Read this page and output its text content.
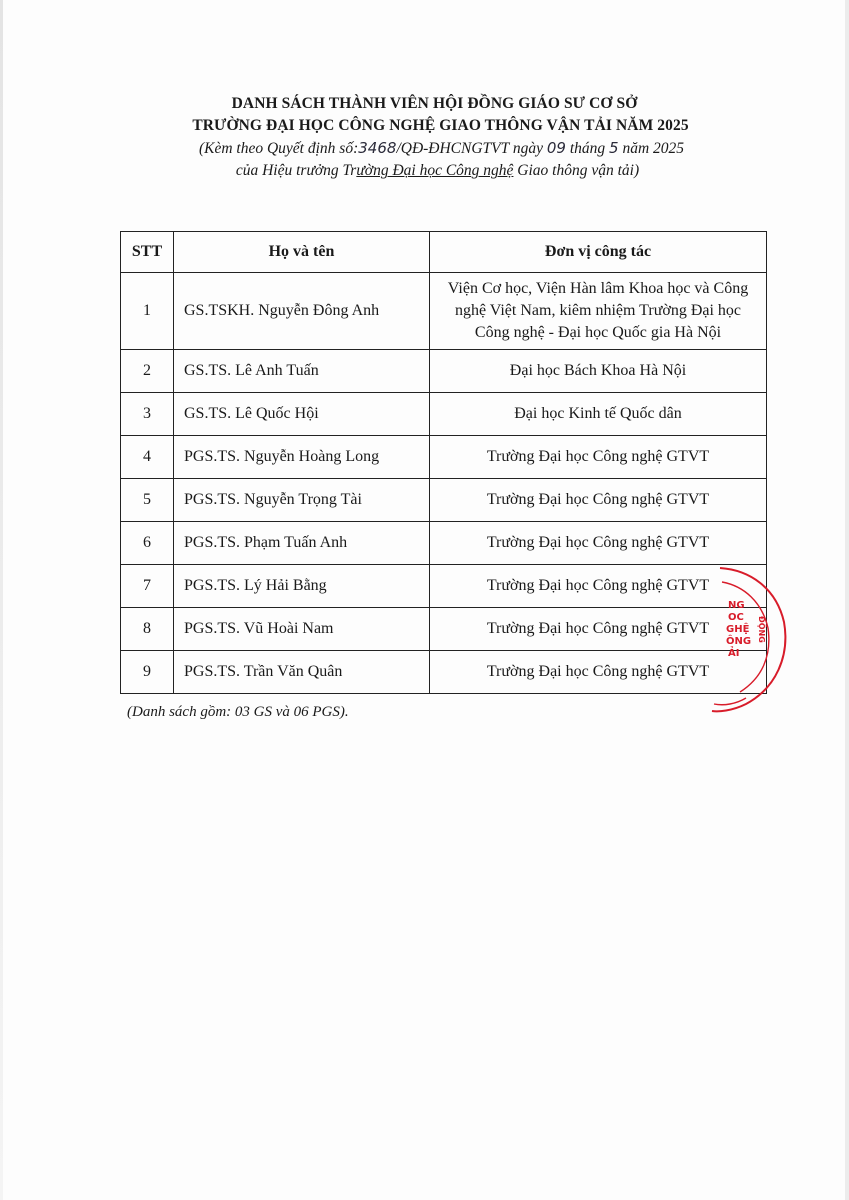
DANH SÁCH THÀNH VIÊN HỘI ĐỒNG GIÁO SƯ CƠ SỞ
TRƯỜNG ĐẠI HỌC CÔNG NGHỆ GIAO THÔNG VẬN TẢI NĂM 2025
(Kèm theo Quyết định số:3468/QĐ-ĐHCNGTVT ngày 09 tháng 5 năm 2025
của Hiệu trưởng Trường Đại học Công nghệ Giao thông vận tải)
STT	Họ và tên	Đơn vị công tác
1	GS.TSKH. Nguyễn Đông Anh	Viện Cơ học, Viện Hàn lâm Khoa học và Công
nghệ Việt Nam, kiêm nhiệm Trường Đại học
Công nghệ - Đại học Quốc gia Hà Nội

2	GS.TS. Lê Anh Tuấn	Đại học Bách Khoa Hà Nội
3	GS.TS. Lê Quốc Hội	Đại học Kinh tế Quốc dân
4	PGS.TS. Nguyễn Hoàng Long	Trường Đại học Công nghệ GTVT
5	PGS.TS. Nguyễn Trọng Tài	Trường Đại học Công nghệ GTVT
6	PGS.TS. Phạm Tuấn Anh	Trường Đại học Công nghệ GTVT
7	PGS.TS. Lý Hải Bằng	Trường Đại học Công nghệ GTVT
8	PGS.TS. Vũ Hoài Nam	Trường Đại học Công nghệ GTVT
9	PGS.TS. Trần Văn Quân	Trường Đại học Công nghệ GTVT
(Danh sách gồm: 03 GS và 06 PGS).
NG
OC
GHỆ
ÔNG
ẢI
ĐỘNG
